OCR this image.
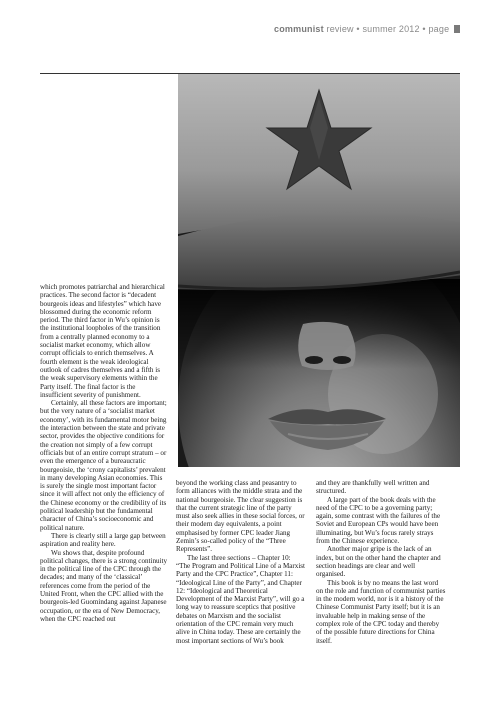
communist review • summer 2012 • page

which promotes patriarchal and hierarchical practices. The second factor is “decadent bourgeois ideas and lifestyles” which have blossomed during the economic reform period. The third factor in Wu’s opinion is the institutional loopholes of the transition from a centrally planned economy to a socialist market economy, which allow corrupt officials to enrich themselves. A fourth element is the weak ideological outlook of cadres themselves and a fifth is the weak supervisory elements within the Party itself. The final factor is the insufficient severity of punishment.

Certainly, all these factors are important; but the very nature of a ‘socialist market economy’, with its fundamental motor being the interaction between the state and private sector, provides the objective conditions for the creation not simply of a few corrupt officials but of an entire corrupt stratum – or even the emergence of a bureaucratic bourgeoisie, the ‘crony capitalists’ prevalent in many developing Asian economies. This is surely the single most important factor since it will affect not only the efficiency of the Chinese economy or the credibility of its political leadership but the fundamental character of China’s socioeconomic and political nature.

There is clearly still a large gap between aspiration and reality here.

Wu shows that, despite profound political changes, there is a strong continuity in the political line of the CPC through the decades; and many of the ‘classical’ references come from the period of the United Front, when the CPC allied with the bourgeois-led Guomindang against Japanese occupation, or the era of New Democracy, when the CPC reached out

beyond the working class and peasantry to form alliances with the middle strata and the national bourgeoisie. The clear suggestion is that the current strategic line of the party must also seek allies in these social forces, or their modern day equivalents, a point emphasised by former CPC leader Jiang Zemin’s so-called policy of the “Three Represents”.

The last three sections – Chapter 10: “The Program and Political Line of a Marxist Party and the CPC Practice”, Chapter 11: “Ideological Line of the Party”, and Chapter 12: “Ideological and Theoretical Development of the Marxist Party”, will go a long way to reassure sceptics that positive debates on Marxism and the socialist orientation of the CPC remain very much alive in China today. These are certainly the most important sections of Wu’s book

and they are thankfully well written and structured.

A large part of the book deals with the need of the CPC to be a governing party; again, some contrast with the failures of the Soviet and European CPs would have been illuminating, but Wu’s focus rarely strays from the Chinese experience.

Another major gripe is the lack of an index, but on the other hand the chapter and section headings are clear and well organised.

This book is by no means the last word on the role and function of communist parties in the modern world, nor is it a history of the Chinese Communist Party itself; but it is an invaluable help in making sense of the complex role of the CPC today and thereby of the possible future directions for China itself.
